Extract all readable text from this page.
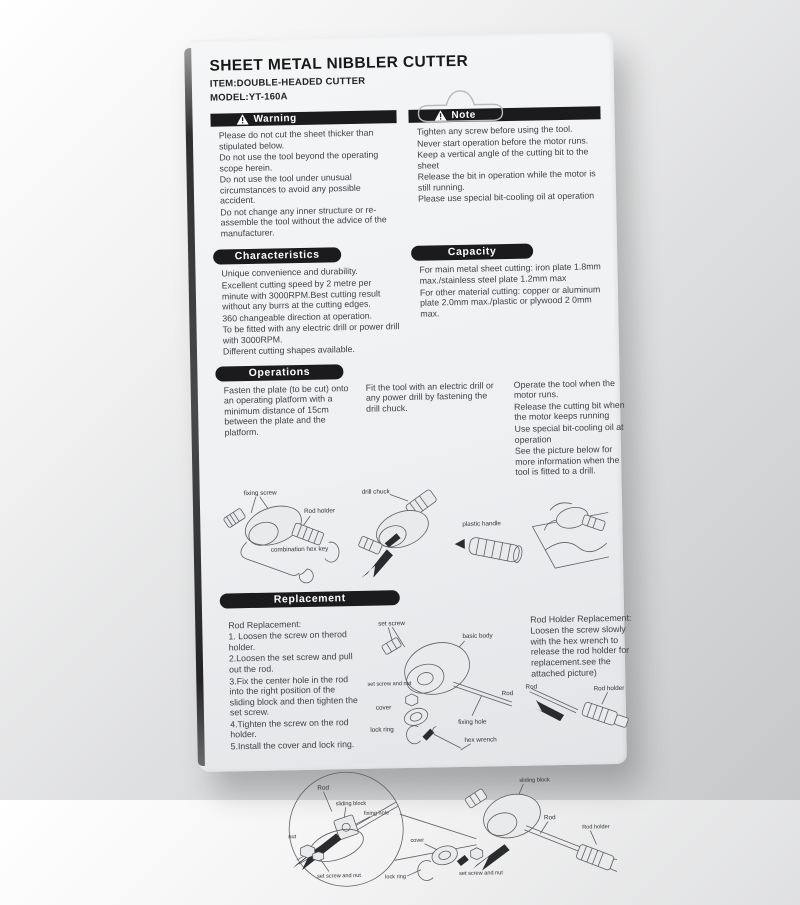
SHEET METAL NIBBLER CUTTER
ITEM:DOUBLE-HEADED CUTTER
MODEL:YT-160A
Warning

Please do not cut the sheet thicker than stipulated below.

Do not use the tool beyond the operating scope herein.

Do not use the tool under unusual circumstances to avoid any possible accident.

Do not change any inner structure or re-assemble the tool without the advice of the manufacturer.

Note

Tighten any screw before using the tool.

Never start operation before the motor runs.

Keep a vertical angle of the cutting bit to the sheet

Release the bit in operation while the motor is still running.

Please use special bit-cooling oil at operation

Characteristics

Unique convenience and durability.

Excellent cutting speed by 2 metre per minute with 3000RPM.Best cutting result without any burrs at the cutting edges.

360 changeable direction at operation.

To be fitted with any electric drill or power drill with 3000RPM.

Different cutting shapes available.

Capacity

For main metal sheet cutting: iron plate 1.8mm max./stainless steel plate 1.2mm max

For other material cutting: copper or aluminum plate 2.0mm max./plastic or plywood 2 0mm max.

Operations

Fasten the plate (to be cut) onto an operating platform with a minimum distance of 15cm between the plate and the platform.

Fit the tool with an electric drill or any power drill by fastening the drill chuck.

Operate the tool when the motor runs.

Release the cutting bit when the motor keeps running

Use special bit-cooling oil at operation

See the picture below for more information when the tool is fitted to a drill.

fixing screw
Rod holder
combination hex key
drill chuck
plastic handle
Replacement

Rod Replacement:

1. Loosen the screw on therod holder.

2.Loosen the set screw and pull out the rod.

3.Fix the center hole in the rod into the right position of the sliding block and then tighten the set screw.

4.Tighten the screw on the rod holder.

5.Install the cover and lock ring.

set screw
basic body
set screw and nut
cover
lock ring
Rod
fixing hole
hex wrench

Rod Holder Replacement:

Loosen the screw slowly with the hex wrench to release the rod holder for replacement.see the attached picture)

Rod	Rod holder
Rod
sliding block
fixing hole
nut
set screw and nut
sliding block
Rod
Rod holder
cover
lock ring
set screw and nut
